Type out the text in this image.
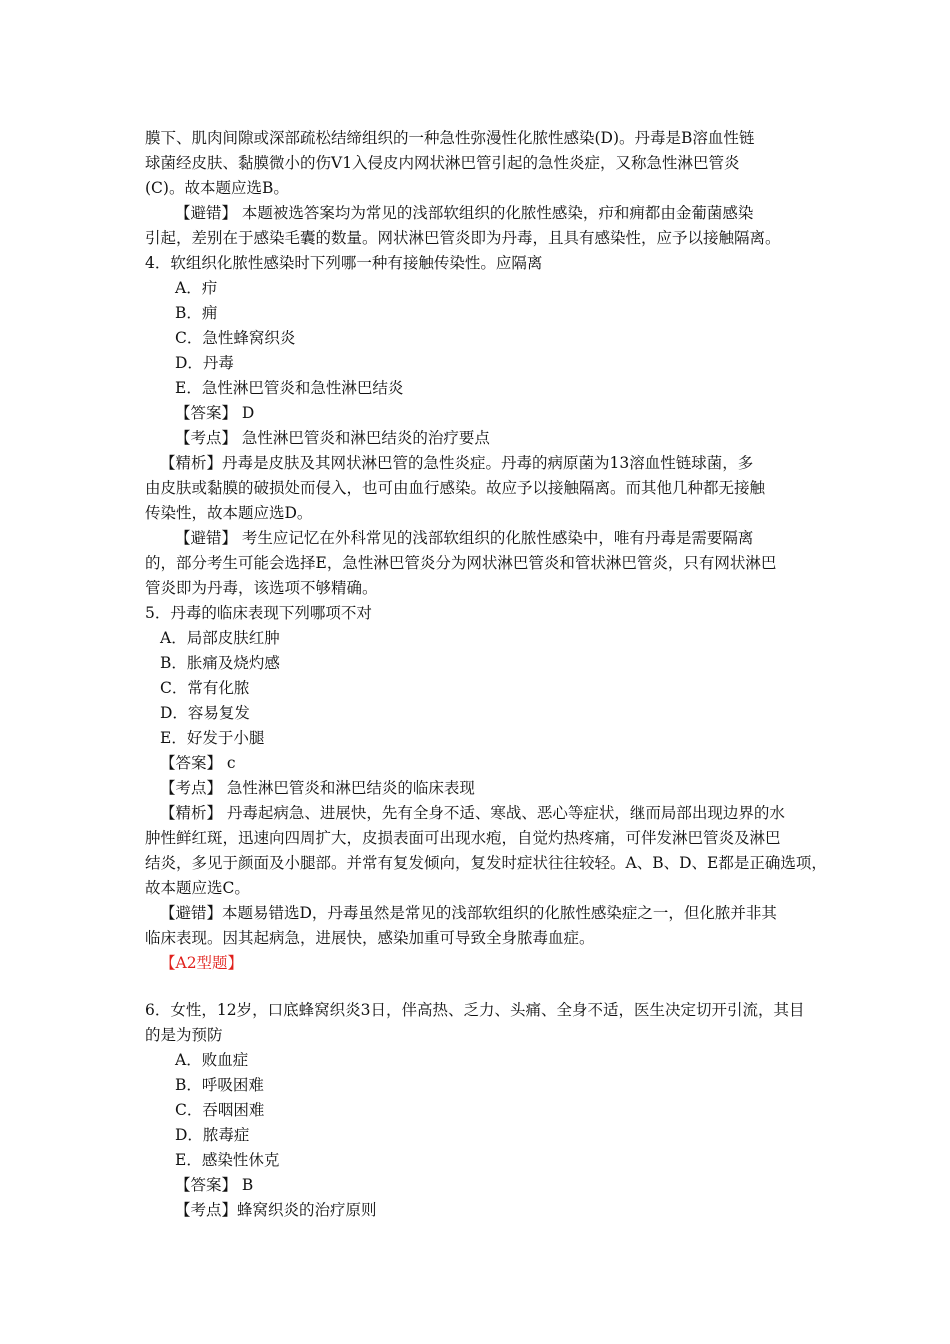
膜下、肌肉间隙或深部疏松结缔组织的一种急性弥漫性化脓性感染(D)。丹毒是B溶血性链
球菌经皮肤、黏膜微小的伤V1入侵皮内网状淋巴管引起的急性炎症，又称急性淋巴管炎
(C)。故本题应选B。
【避错】 本题被选答案均为常见的浅部软组织的化脓性感染，疖和痈都由金葡菌感染
引起，差别在于感染毛囊的数量。网状淋巴管炎即为丹毒，且具有感染性，应予以接触隔离。
4．软组织化脓性感染时下列哪一种有接触传染性。应隔离
A．疖
B．痈
C．急性蜂窝织炎
D．丹毒
E．急性淋巴管炎和急性淋巴结炎
【答案】 D
【考点】 急性淋巴管炎和淋巴结炎的治疗要点
【精析】丹毒是皮肤及其网状淋巴管的急性炎症。丹毒的病原菌为13溶血性链球菌，多
由皮肤或黏膜的破损处而侵入，也可由血行感染。故应予以接触隔离。而其他几种都无接触
传染性，故本题应选D。
【避错】 考生应记忆在外科常见的浅部软组织的化脓性感染中，唯有丹毒是需要隔离
的，部分考生可能会选择E，急性淋巴管炎分为网状淋巴管炎和管状淋巴管炎，只有网状淋巴
管炎即为丹毒，该选项不够精确。
5．丹毒的临床表现下列哪项不对
A．局部皮肤红肿
B．胀痛及烧灼感
C．常有化脓
D．容易复发
E．好发于小腿
【答案】 c
【考点】 急性淋巴管炎和淋巴结炎的临床表现
【精析】 丹毒起病急、进展快，先有全身不适、寒战、恶心等症状，继而局部出现边界的水
肿性鲜红斑，迅速向四周扩大，皮损表面可出现水疱，自觉灼热疼痛，可伴发淋巴管炎及淋巴
结炎，多见于颜面及小腿部。并常有复发倾向，复发时症状往往较轻。A、B、D、E都是正确选项，
故本题应选C。
【避错】本题易错选D，丹毒虽然是常见的浅部软组织的化脓性感染症之一，但化脓并非其
临床表现。因其起病急，进展快，感染加重可导致全身脓毒血症。
【A2型题】
6．女性，12岁，口底蜂窝织炎3日，伴高热、乏力、头痛、全身不适，医生决定切开引流，其目
的是为预防
A．败血症
B．呼吸困难
C．吞咽困难
D．脓毒症
E．感染性休克
【答案】 B
【考点】蜂窝织炎的治疗原则
